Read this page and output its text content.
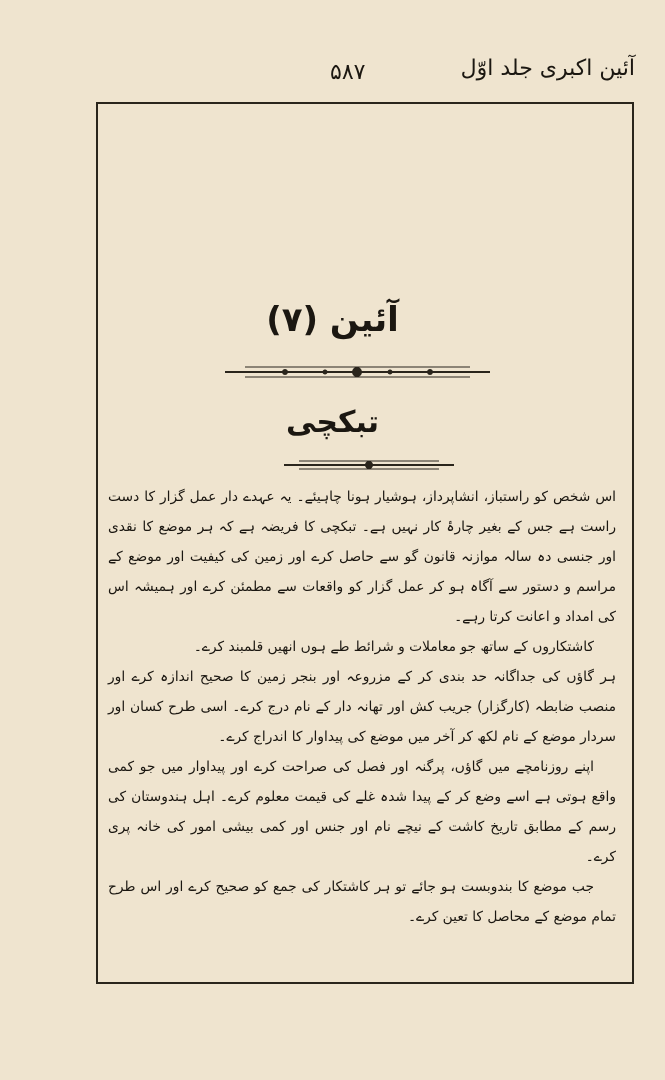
۵۸۷	آئین اکبری جلد اوّل
آئین (۷)
تبکچی

اس شخص کو راستباز، انشاپرداز، ہوشیار ہونا چاہیئے۔ یہ عہدے دار عمل گزار کا دست راست ہے جس کے بغیر چارۂ کار نہیں ہے۔ تبکچی کا فریضہ ہے کہ ہر موضع کا نقدی اور جنسی دہ سالہ موازنہ قانون گو سے حاصل کرے اور زمین کی کیفیت اور موضع کے مراسم و دستور سے آگاہ ہو کر عمل گزار کو واقعات سے مطمئن کرے اور ہمیشہ اس کی امداد و اعانت کرتا رہے۔

کاشتکاروں کے ساتھ جو معاملات و شرائط طے ہوں انھیں قلمبند کرے۔

ہر گاؤں کی جداگانہ حد بندی کر کے مزروعہ اور بنجر زمین کا صحیح اندازہ کرے اور منصب ضابطہ (کارگزار) جریب کش اور تھانہ دار کے نام درج کرے۔ اسی طرح کسان اور سردار موضع کے نام لکھ کر آخر میں موضع کی پیداوار کا اندراج کرے۔

اپنے روزنامچے میں گاؤں، پرگنہ اور فصل کی صراحت کرے اور پیداوار میں جو کمی واقع ہوتی ہے اسے وضع کر کے پیدا شدہ غلے کی قیمت معلوم کرے۔ اہل ہندوستان کی رسم کے مطابق تاریخ کاشت کے نیچے نام اور جنس اور کمی بیشی امور کی خانہ پری کرے۔

جب موضع کا بندوبست ہو جائے تو ہر کاشتکار کی جمع کو صحیح کرے اور اس طرح تمام موضع کے محاصل کا تعین کرے۔
